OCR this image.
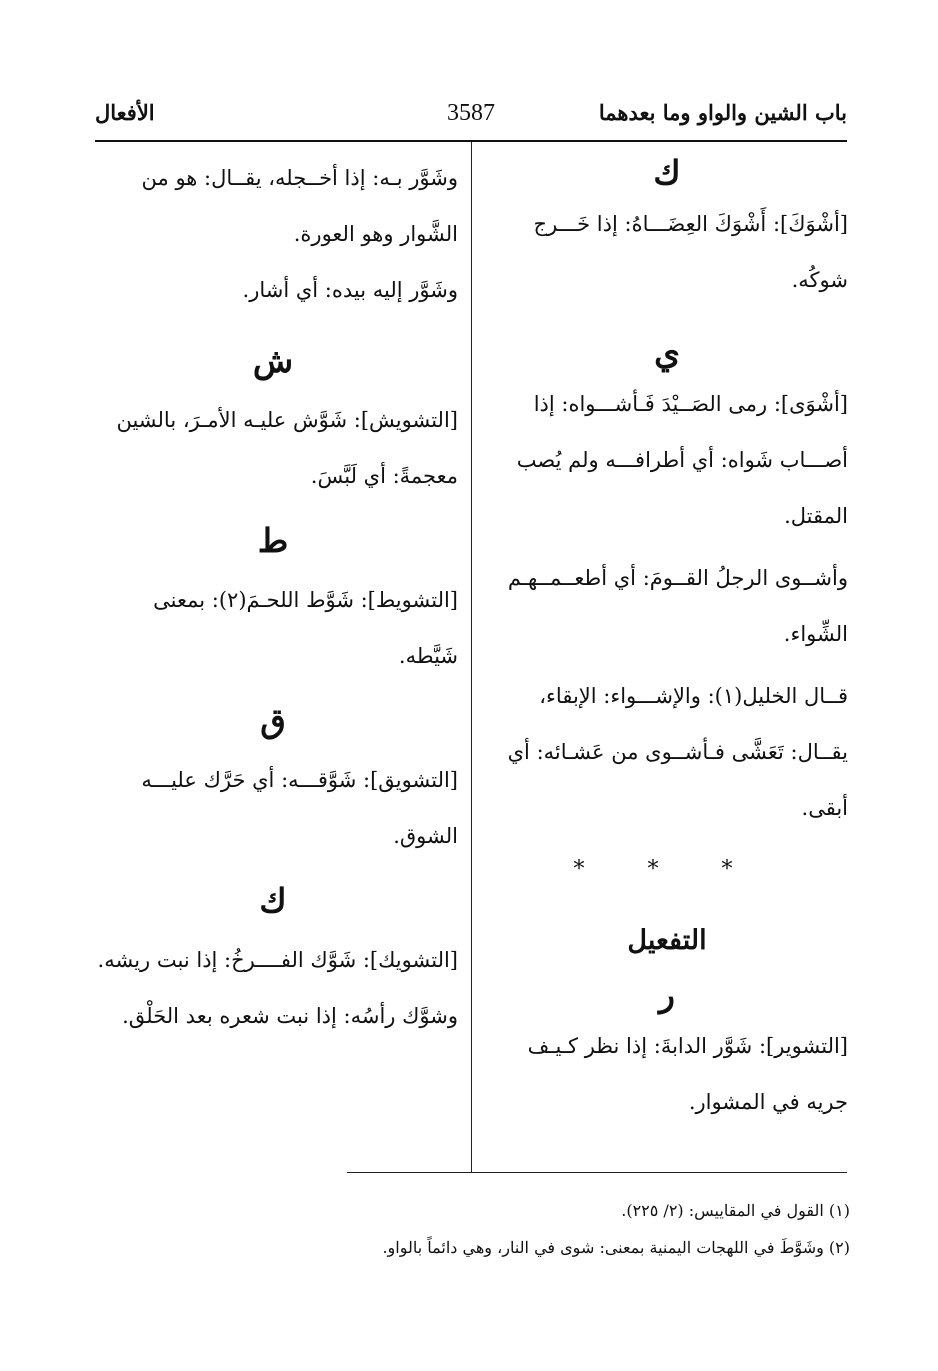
باب الشين والواو وما بعدهما
3587
الأفعال
ك

[أشْوَكَ]: أَشْوَكَ العِضَـــاهُ: إذا خَـــرج شوكُه.

ي

[أشْوَى]: رمى الصَــيْدَ فَـأشـــواه: إذا أصـــاب شَواه: أي أطرافـــه ولم يُصب المقتل.

وأشــوى الرجلُ القــومَ: أي أطعــمــهـم الشِّواء.

قــال الخليل(١): والإشـــواء: الإبقاء، يقــال: تَعَشَّى فـأشــوى من عَشـائه: أي أبقى.

* * *
التفعيل
ر

[التشوير]: شَوَّر الدابةَ: إذا نظر كـيـف جريه في المشوار.

وشَوَّر بـه: إذا أخــجله، يقــال: هو من الشَّوار وهو العورة.

وشَوَّر إليه بيده: أي أشار.

ش

[التشويش]: شَوَّش عليـه الأمـرَ، بالشين معجمةً: أي لَبَّسَ.

ط

[التشويط]: شَوَّط اللحـمَ(٢): بمعنى شَيَّطه.

ق

[التشويق]: شَوَّقـــه: أي حَرَّك عليـــه الشوق.

ك

[التشويك]: شَوَّك الفــــرخُ: إذا نبت ريشه.

وشوَّك رأسُه: إذا نبت شعره بعد الحَلْق.

(١) القول في المقاييس: (٢/ ٢٢٥).
(٢) وشَوَّطَ في اللهجات اليمنية بمعنى: شوى في النار، وهي دائماً بالواو.
